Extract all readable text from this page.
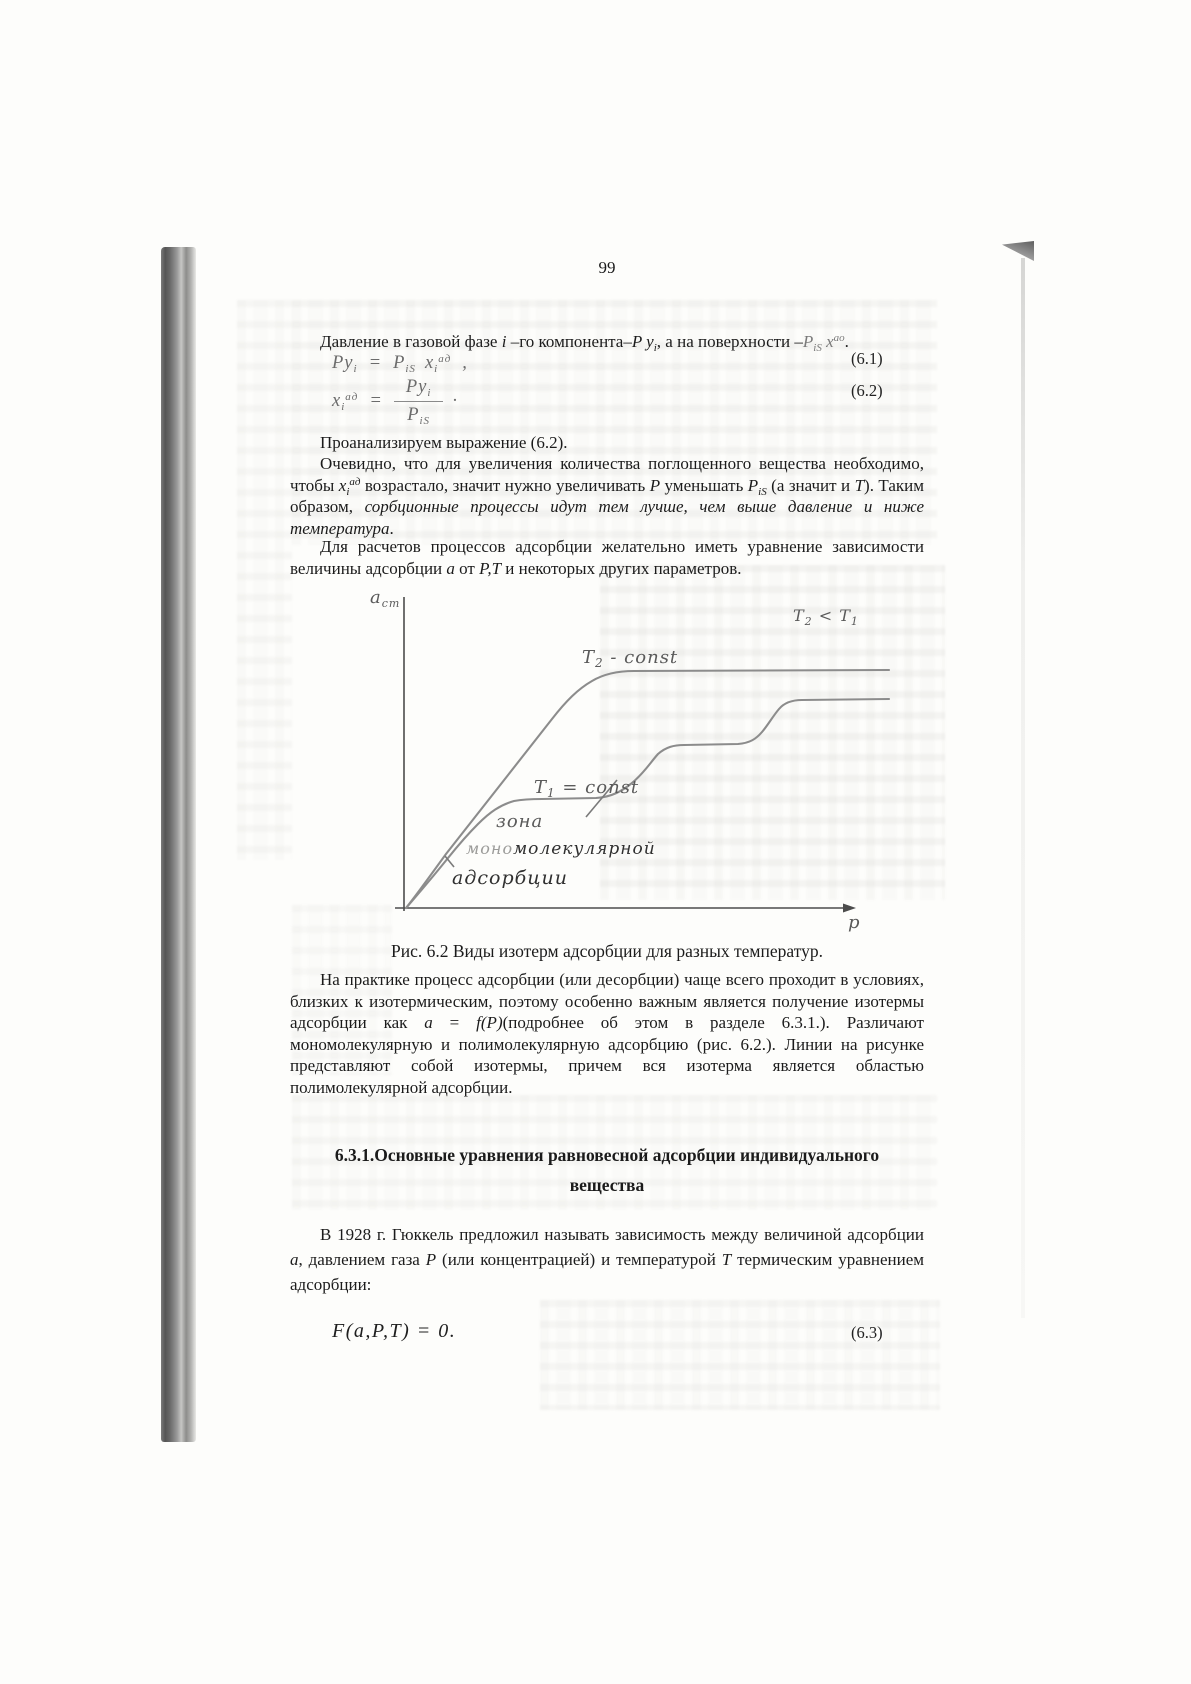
99

Давление в газовой фазе i –го компонента–P $y_i$, а на поверхности $-P_{iS}$ $x^{ао}$.

$Py_i = P_{iS}$ $x_i^{ад}$ ,	(6.1)
$x_i^{ад} = \frac{Py_i}{P_{iS}}$ ·
(6.2)

Проанализируем выражение (6.2).

Очевидно, что для увеличения количества поглощенного вещества необходимо, чтобы $x_i^{ад}$ возрастало, значит нужно увеличивать P уменьшать $P_{iS}$ (а значит и T). Таким образом, сорбционные процессы идут тем лучше, чем выше давление и ниже температура.

Для расчетов процессов адсорбции желательно иметь уравнение зависимости величины адсорбции a от P,T и некоторых других параметров.

$a_{ст}$
$T_2 < T_1$
$T_2$ - const
$T_1$ = const
зона
мономолекулярной
адсорбции
p

Рис. 6.2 Виды изотерм адсорбции для разных температур.

На практике процесс адсорбции (или десорбции) чаще всего проходит в условиях, близких к изотермическим, поэтому особенно важным является получение изотермы адсорбции как a = f(P)(подробнее об этом в разделе 6.3.1.). Различают мономолекулярную и полимолекулярную адсорбцию (рис. 6.2.). Линии на рисунке представляют собой изотермы, причем вся изотерма является областью полимолекулярной адсорбции.

6.3.1.Основные уравнения равновесной адсорбции индивидуального
вещества

В 1928 г. Гюккель предложил называть зависимость между величиной адсорбции a, давлением газа P (или концентрацией) и температурой T термическим уравнением адсорбции:

F(a,P,T) = 0.	(6.3)
